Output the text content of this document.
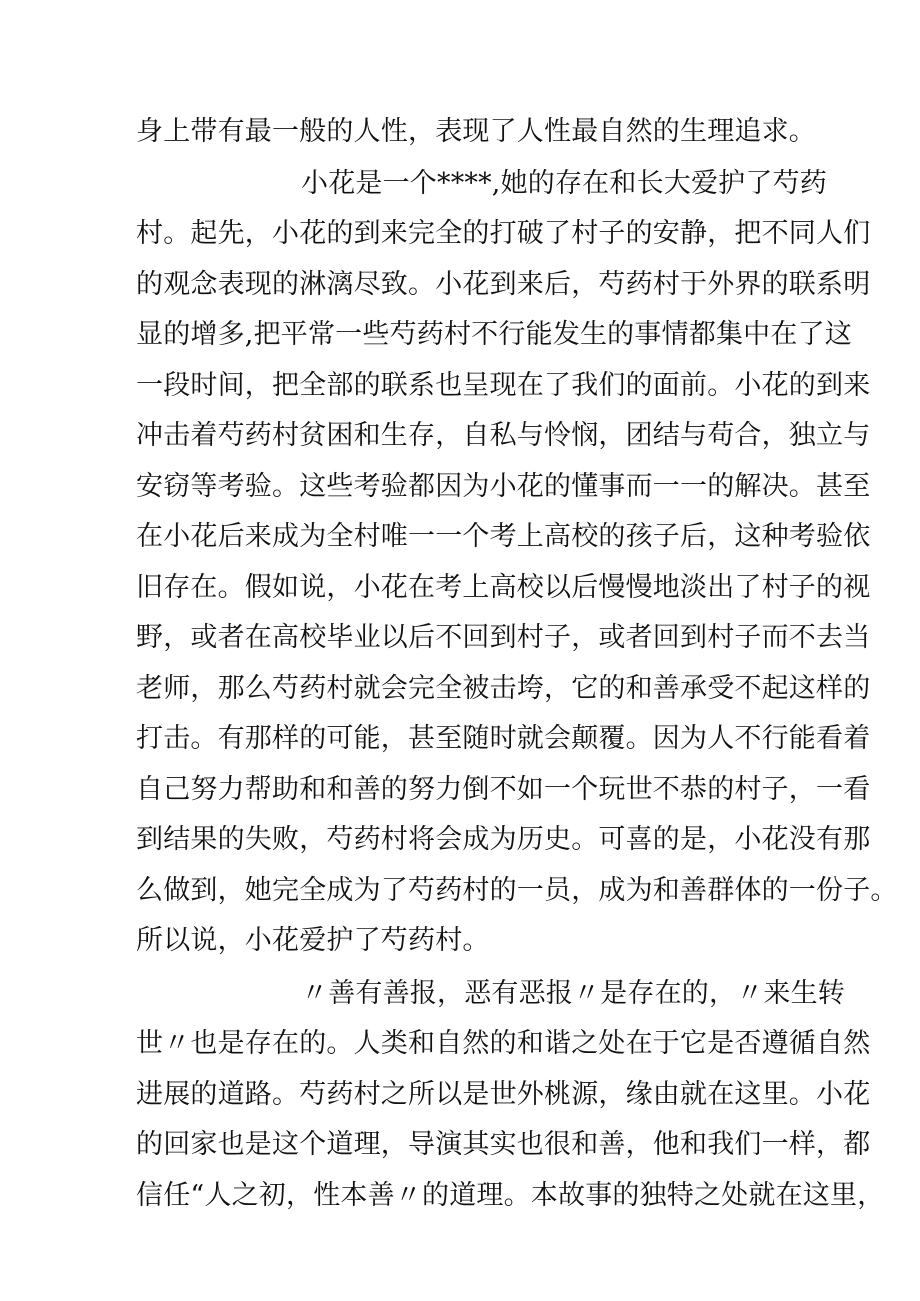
身上带有最一般的人性，表现了人性最自然的生理追求。
小花是一个****,她的存在和长大爱护了芍药
村。起先，小花的到来完全的打破了村子的安静，把不同人们
的观念表现的淋漓尽致。小花到来后，芍药村于外界的联系明
显的增多,把平常一些芍药村不行能发生的事情都集中在了这
一段时间，把全部的联系也呈现在了我们的面前。小花的到来
冲击着芍药村贫困和生存，自私与怜悯，团结与苟合，独立与
安窃等考验。这些考验都因为小花的懂事而一一的解决。甚至
在小花后来成为全村唯一一个考上高校的孩子后，这种考验依
旧存在。假如说，小花在考上高校以后慢慢地淡出了村子的视
野，或者在高校毕业以后不回到村子，或者回到村子而不去当
老师，那么芍药村就会完全被击垮，它的和善承受不起这样的
打击。有那样的可能，甚至随时就会颠覆。因为人不行能看着
自己努力帮助和和善的努力倒不如一个玩世不恭的村子，一看
到结果的失败，芍药村将会成为历史。可喜的是，小花没有那
么做到，她完全成为了芍药村的一员，成为和善群体的一份子。
所以说，小花爱护了芍药村。
〃善有善报，恶有恶报〃是存在的，〃来生转
世〃也是存在的。人类和自然的和谐之处在于它是否遵循自然
进展的道路。芍药村之所以是世外桃源，缘由就在这里。小花
的回家也是这个道理，导演其实也很和善，他和我们一样，都
信任“人之初，性本善〃的道理。本故事的独特之处就在这里，
